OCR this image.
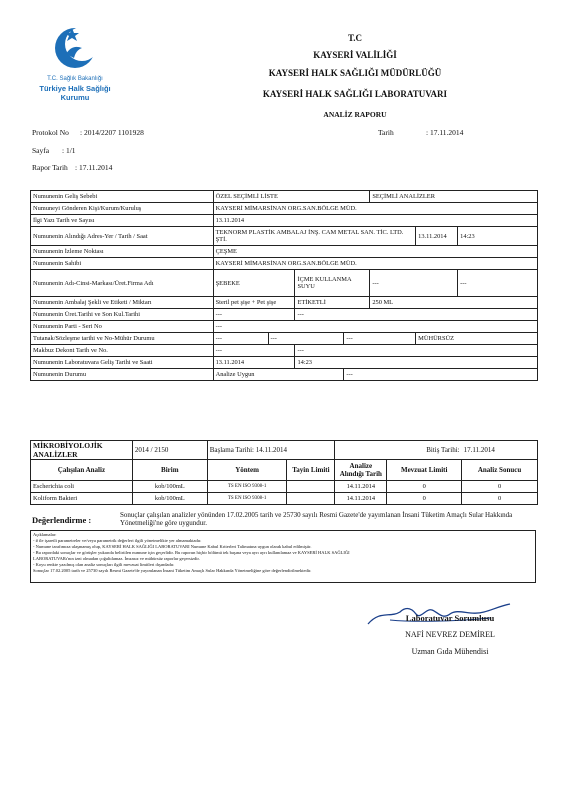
T.C. Sağlık Bakanlığı
Türkiye Halk Sağlığı
Kurumu
T.C
KAYSERİ VALİLİĞİ
KAYSERİ HALK SAĞLIĞI MÜDÜRLÜĞÜ
KAYSERİ HALK SAĞLIĞI LABORATUVARI
ANALİZ RAPORU
Protokol No : 2014/2207 1101928	Tarih	: 17.11.2014
Sayfa : 1/1
Rapor Tarih : 17.11.2014
Numunenin Geliş Sebebi	ÖZEL SEÇİMLİ LİSTE				SEÇİMLİ ANALİZLER		
Numuneyi Gönderen Kişi/Kurum/Kuruluş	KAYSERİ MİMARSİNAN ORG.SAN.BÖLGE MÜD.						
İlgi Yazı Tarih ve Sayısı	13.11.2014						
Numunenin Alındığı Adres-Yer / Tarih / Saat	TEKNORM PLASTİK AMBALAJ İNŞ. CAM METAL SAN. TİC. LTD. ŞTİ.					13.11.2014	14:23
Numunenin İzleme Noktası	ÇEŞME						
Numunenin Sahibi	KAYSERİ MİMARSİNAN ORG.SAN.BÖLGE MÜD.						
Numunenin Adı-Cinsi-Markası/Üret.Firma Adı	ŞEBEKE		İÇME KULLANMA SUYU		---		---
Numunenin Ambalaj Şekli ve Etiketi / Miktarı	Steril pet şişe + Pet şişe		ETİKETLİ		250 ML		
Numunenin Üret.Tarihi ve Son Kul.Tarihi	---		---				
Numunenin Parti - Seri No	---						
Tutanak/Sözleşme tarihi ve No-Mühür Durumu	---	---		---		MÜHÜRSÜZ	
Makbuz Dekont Tarih ve No.	---		---				
Numunenin Laboratuvara Geliş Tarihi ve Saati	13.11.2014		14:23				
Numunenin Durumu	Analize Uygun			---			
MİKROBİYOLOJİK ANALİZLER	2014 / 2150	Başlama Tarihi: 14.11.2014			Bitiş Tarihi:	17.11.2014
Çalışılan Analiz	Birim	Yöntem	Tayin Limiti	Analize Alındığı Tarih	Mevzuat Limiti	Analiz Sonucu
Escherichia coli	kob/100mL	TS EN ISO 9308-1		14.11.2014	0	0
Koliform Bakteri	kob/100mL	TS EN ISO 9308-1		14.11.2014	0	0
Değerlendirme :	Sonuçlar çalışılan analizler yönünden 17.02.2005 tarih ve 25730 sayılı Resmi Gazete'de yayımlanan İnsani Tüketim Amaçlı Sular Hakkında Yönetmeliği'ne göre uygundur.
Açıklamalar:
- # ile işaretli parametreler ve/veya parametrik değerleri ilgili yönetmelikte yer almamaktadır.
- Numune tarafımıza ulaşmamış olup, KAYSERİ HALK SAĞLIĞI LABORATUVARI Numune Kabul Kriterleri Talimatına uygun olarak kabul edilmiştir.
- Bu rapordaki sonuçlar ve görüşler yukarıda belirtilen numune için geçerlidir. Bu raporun hiçbir bölümü tek başına veya ayrı ayrı kullanılamaz ve KAYSERİ HALK SAĞLIĞI
LABORATUVARı'nın izni olmadan çoğaltılamaz. İmzasız ve mühürsüz raporlar geçersizdir.
- Koyu renkte yazılmış olan analiz sonuçları ilgili mevzuat limitleri dışındadır.
Sonuçlar 17.02.2005 tarih ve 25730 sayılı Resmi Gazete'de yayımlanan İnsani Tüketim Amaçlı Sular Hakkında Yönetmeliğine göre değerlendirilmektedir.
Laboratuvar Sorumlusu
NAFİ NEVREZ DEMİREL
Uzman Gıda Mühendisi
